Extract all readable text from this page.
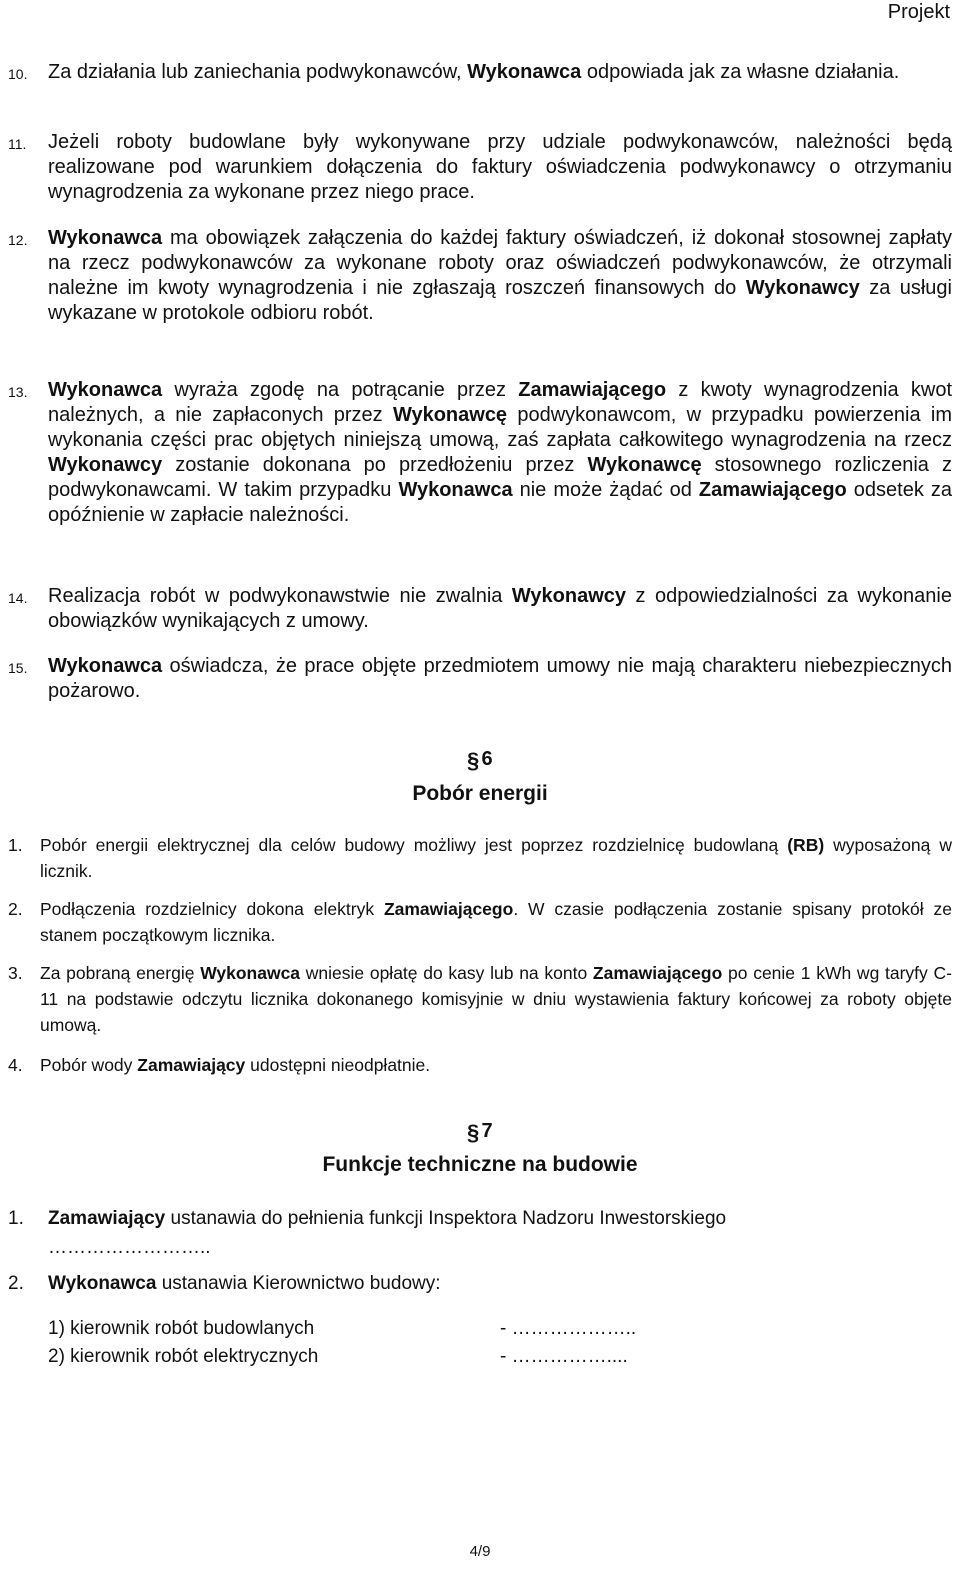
Projekt
10. Za działania lub zaniechania podwykonawców, Wykonawca odpowiada jak za własne działania.
11. Jeżeli roboty budowlane były wykonywane przy udziale podwykonawców, należności będą realizowane pod warunkiem dołączenia do faktury oświadczenia podwykonawcy o otrzymaniu wynagrodzenia za wykonane przez niego prace.
12. Wykonawca ma obowiązek załączenia do każdej faktury oświadczeń, iż dokonał stosownej zapłaty na rzecz podwykonawców za wykonane roboty oraz oświadczeń podwykonawców, że otrzymali należne im kwoty wynagrodzenia i nie zgłaszają roszczeń finansowych do Wykonawcy za usługi wykazane w protokole odbioru robót.
13. Wykonawca wyraża zgodę na potrącanie przez Zamawiającego z kwoty wynagrodzenia kwot należnych, a nie zapłaconych przez Wykonawcę podwykonawcom, w przypadku powierzenia im wykonania części prac objętych niniejszą umową, zaś zapłata całkowitego wynagrodzenia na rzecz Wykonawcy zostanie dokonana po przedłożeniu przez Wykonawcę stosownego rozliczenia z podwykonawcami. W takim przypadku Wykonawca nie może żądać od Zamawiającego odsetek za opóźnienie w zapłacie należności.
14. Realizacja robót w podwykonawstwie nie zwalnia Wykonawcy z odpowiedzialności za wykonanie obowiązków wynikających z umowy.
15. Wykonawca oświadcza, że prace objęte przedmiotem umowy nie mają charakteru niebezpiecznych pożarowo.
§ 6
Pobór energii
1. Pobór energii elektrycznej dla celów budowy możliwy jest poprzez rozdzielnicę budowlaną (RB) wyposażoną w licznik.
2. Podłączenia rozdzielnicy dokona elektryk Zamawiającego. W czasie podłączenia zostanie spisany protokół ze stanem początkowym licznika.
3. Za pobraną energię Wykonawca wniesie opłatę do kasy lub na konto Zamawiającego po cenie 1 kWh wg taryfy C-11 na podstawie odczytu licznika dokonanego komisyjnie w dniu wystawienia faktury końcowej za roboty objęte umową.
4. Pobór wody Zamawiający udostępni nieodpłatnie.
§ 7
Funkcje techniczne na budowie
1. Zamawiający ustanawia do pełnienia funkcji Inspektora Nadzoru Inwestorskiego
……………………..
2. Wykonawca ustanawia Kierownictwo budowy:
1) kierownik robót budowlanych	- ………………..
2) kierownik robót elektrycznych	- ……………....
4/9
